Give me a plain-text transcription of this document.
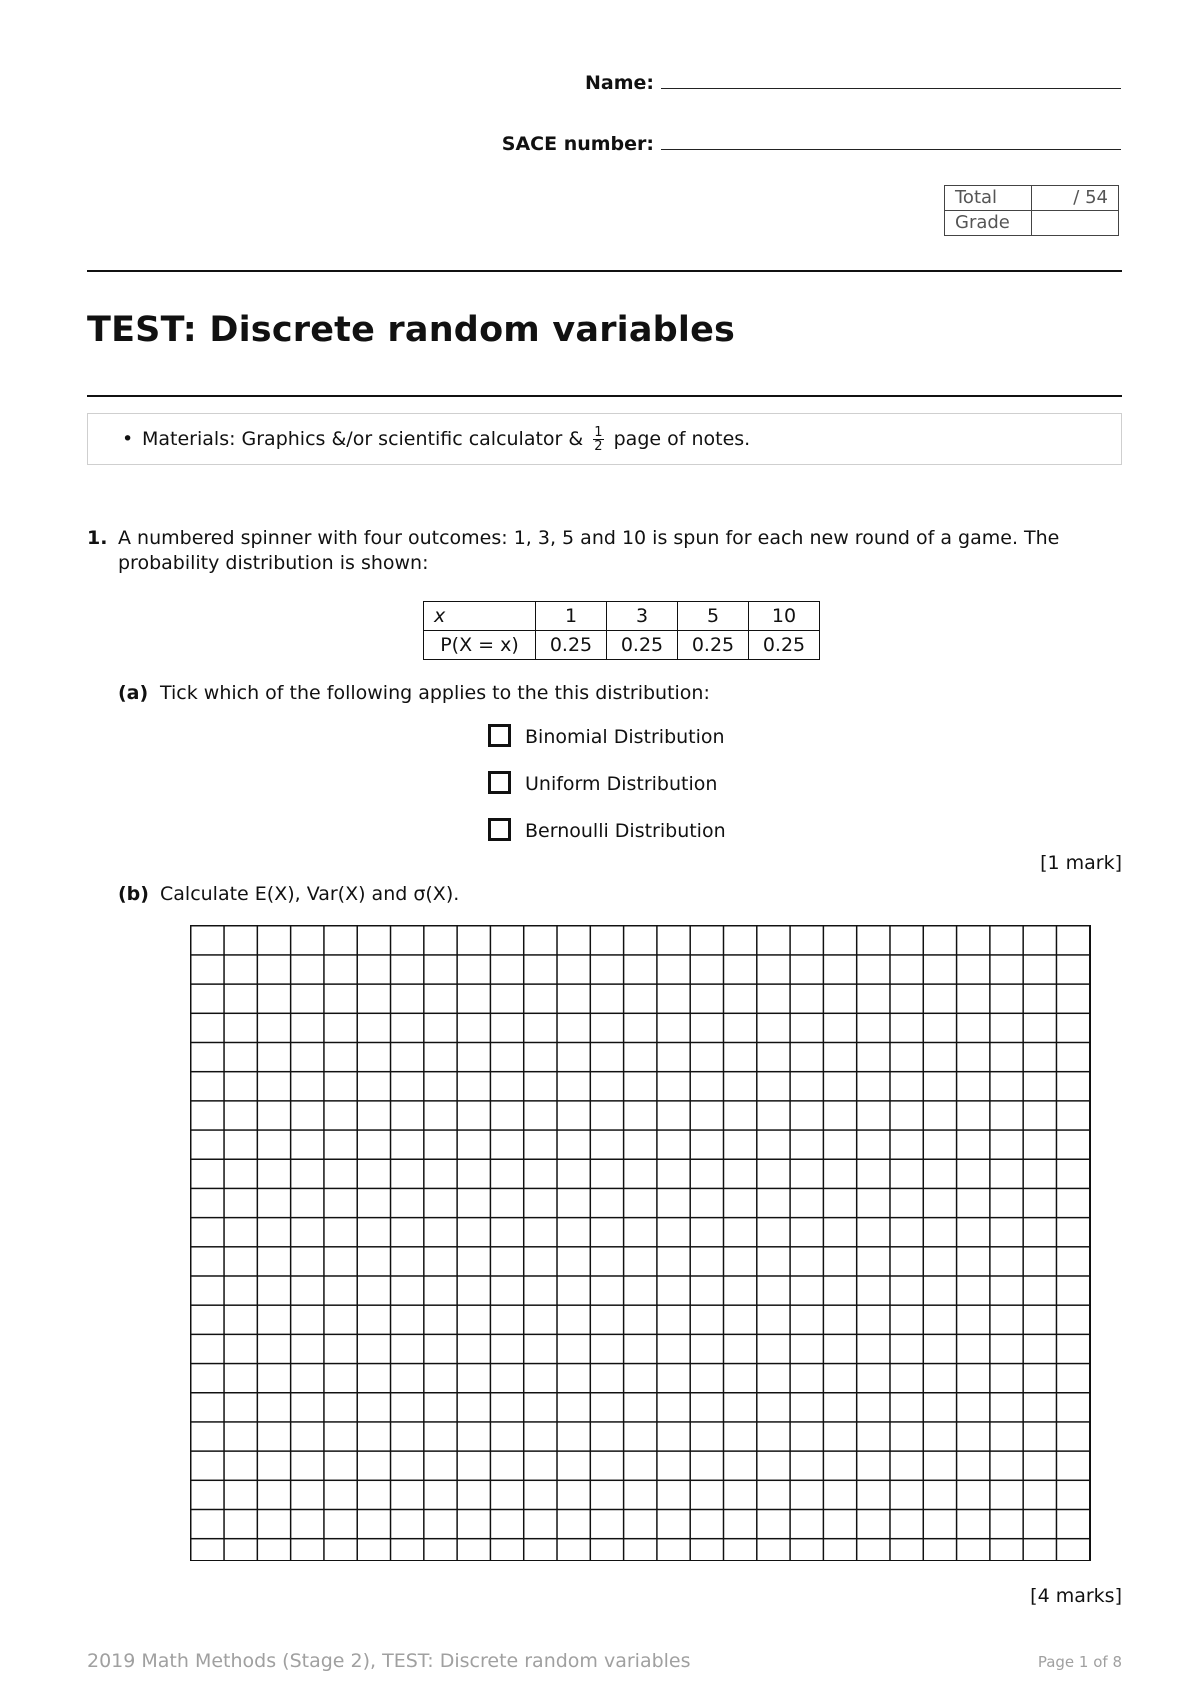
Name:
SACE number:
Total	/ 54
Grade	
TEST: Discrete random variables
• Materials: Graphics &/or scientific calculator & $\frac{1}{2}$ page of notes.
1. A numbered spinner with four outcomes: 1, 3, 5 and 10 is spun for each new round of a game. The probability distribution is shown:
x	1	3	5	10
P(X = x)	0.25	0.25	0.25	0.25
(a) Tick which of the following applies to the this distribution:
Binomial Distribution
Uniform Distribution
Bernoulli Distribution
[1 mark]
(b) Calculate E(X), Var(X) and σ(X).
[4 marks]
2019 Math Methods (Stage 2), TEST: Discrete random variables	Page 1 of 8
